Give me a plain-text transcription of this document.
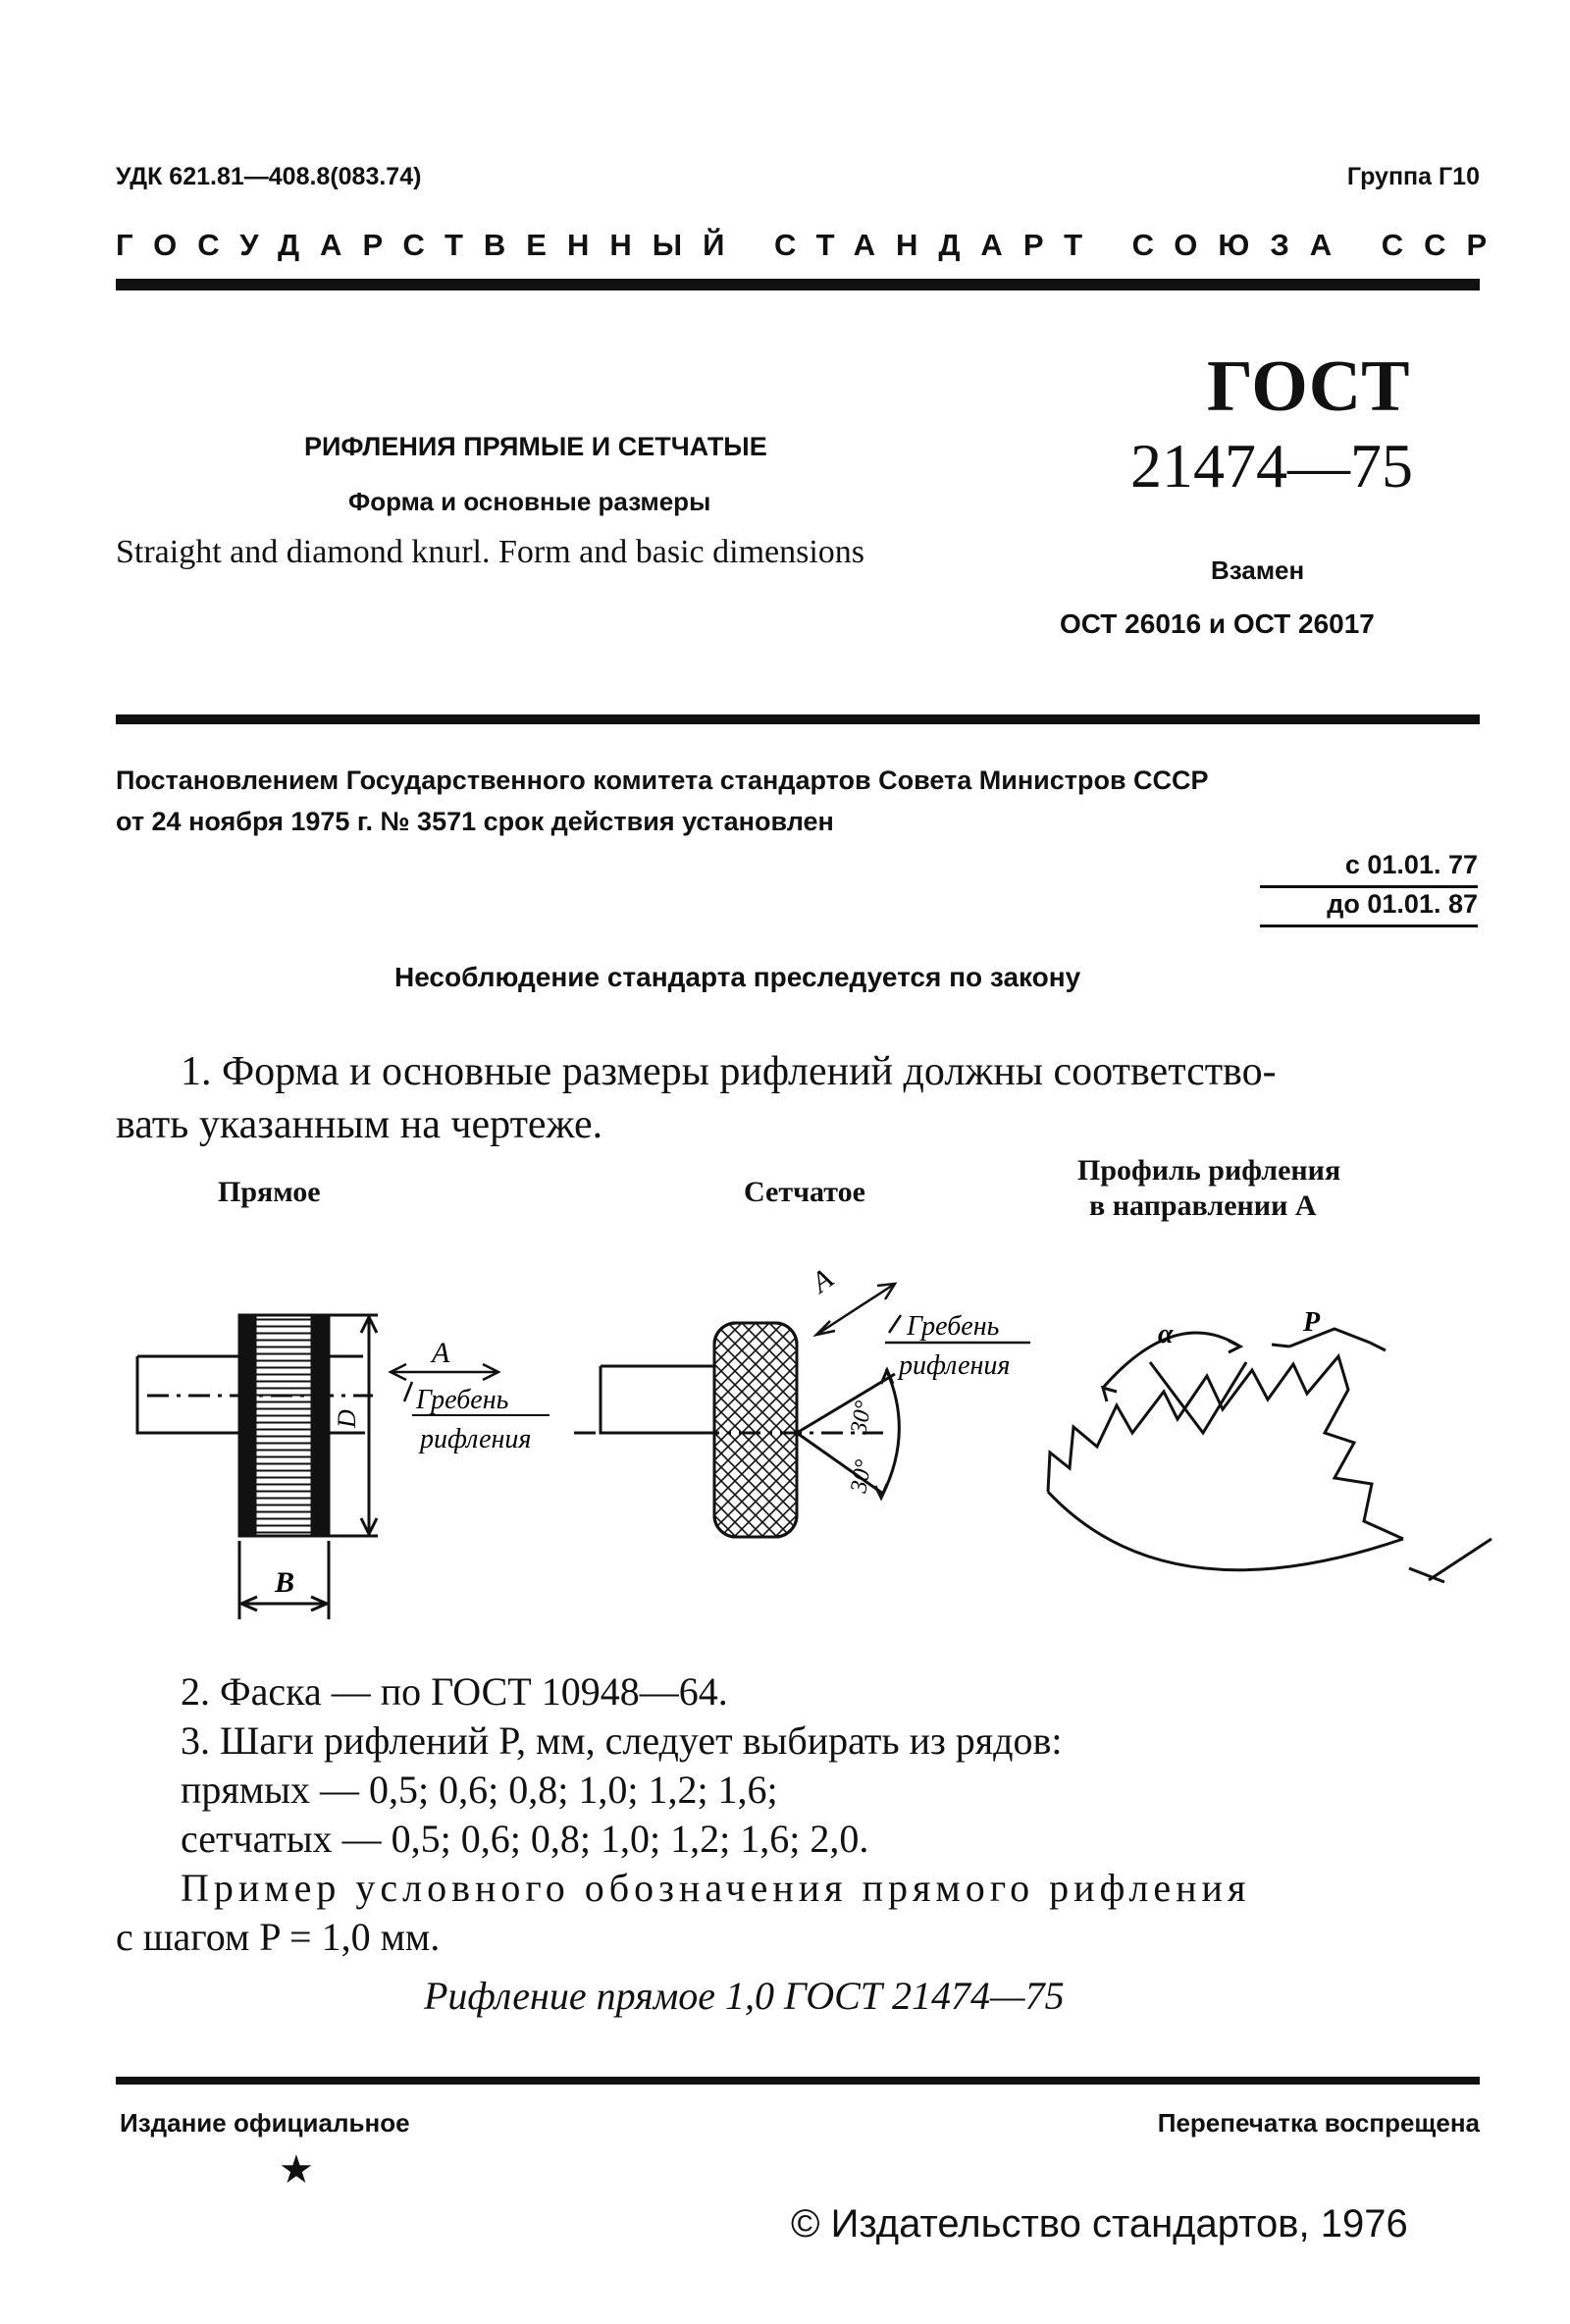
УДК 621.81—408.8(083.74)	Группа Г10
ГОСУДАРСТВЕННЫЙ СТАНДАРТ СОЮЗА ССР
ГОСТ
21474—75
РИФЛЕНИЯ ПРЯМЫЕ И СЕТЧАТЫЕ
Форма и основные размеры
Straight and diamond knurl. Form and basic dimensions	Взамен
ОСТ 26016 и ОСТ 26017
Постановлением Государственного комитета стандартов Совета Министров СССР
от 24 ноября 1975 г. № 3571 срок действия установлен
с 01.01. 77
до 01.01. 87
Несоблюдение стандарта преследуется по закону
1. Форма и основные размеры рифлений должны соответство-
вать указанным на чертеже.
Прямое	Сетчатое
Профиль рифления
в направлении A
D
B
A
Гребень
рифления
30°
30°
A
Гребень
рифления
α	P
2. Фаска — по ГОСТ 10948—64.
3. Шаги рифлений P, мм, следует выбирать из рядов:
прямых — 0,5; 0,6; 0,8; 1,0; 1,2; 1,6;
сетчатых — 0,5; 0,6; 0,8; 1,0; 1,2; 1,6; 2,0.
Пример условного обозначения прямого рифления
с шагом P = 1,0 мм.
Рифление прямое 1,0 ГОСТ 21474—75
Издание официальное	Перепечатка воспрещена
★
© Издательство стандартов, 1976
